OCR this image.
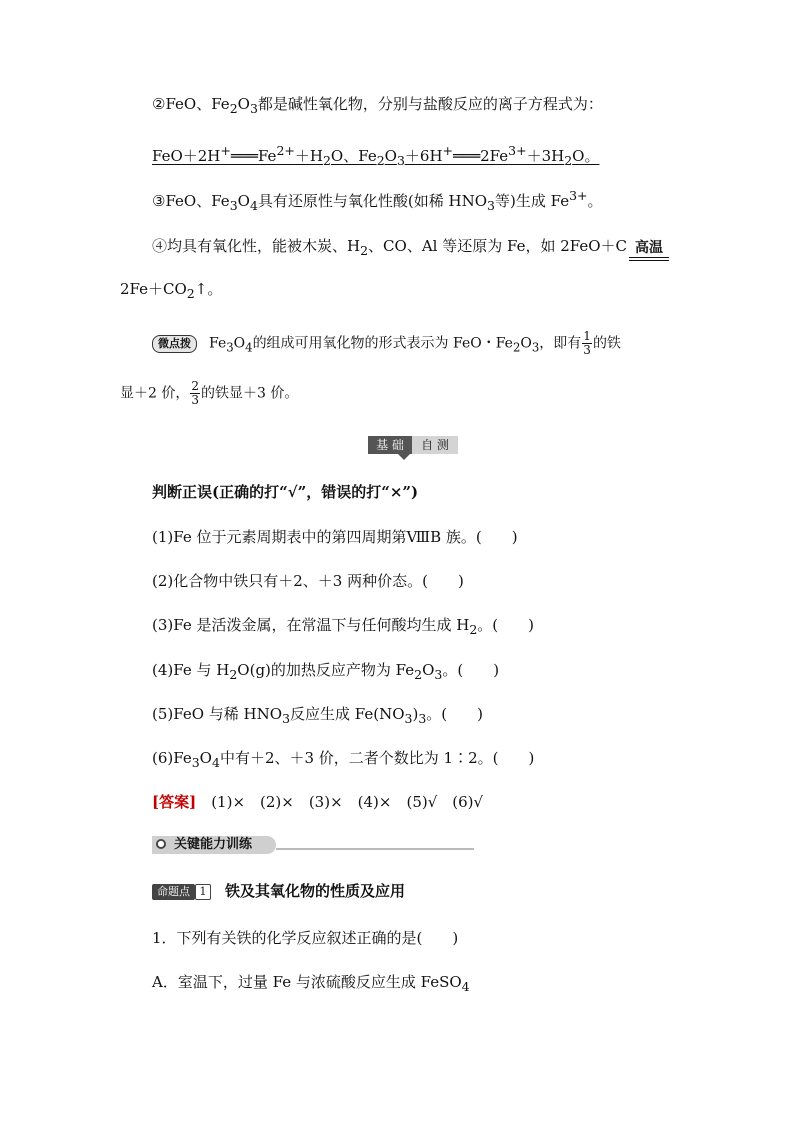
②FeO、$Fe_2O_3$都是碱性氧化物，分别与盐酸反应的离子方程式为：
$FeO+2H^+═══Fe^{2+}+H_2O$、$Fe_2O_3+6H^+═══2Fe^{3+}+3H_2O$。
③FeO、$Fe_3O_4$具有还原性与氧化性酸(如稀 $HNO_3$等)生成 $Fe^{3+}$。
④均具有氧化性，能被木炭、$H_2$、CO、Al 等还原为 Fe，如 2FeO＋C 高温
$2Fe+CO_2↑$。
微点拨 $Fe_3O_4$的组成可用氧化物的形式表示为 FeO・$Fe_2O_3$，即有 $\frac{1}{3}$ 的铁
显＋2 价， $\frac{2}{3}$ 的铁显＋3 价。
基 础	自 测
判断正误(正确的打“√”，错误的打“×”)
(1)Fe 位于元素周期表中的第四周期第ⅧB 族。(　　)
(2)化合物中铁只有＋2、＋3 两种价态。(　　)
(3)Fe 是活泼金属，在常温下与任何酸均生成 $H_2$。(　　)
(4)Fe 与 $H_2O(g)$的加热反应产物为 $Fe_2O_3$。(　　)
(5)FeO 与稀 $HNO_3$反应生成 $Fe(NO_3)_3$。(　　)
$(6)Fe_3O_4$中有＋2、＋3 价，二者个数比为 1∶2。(　　)
[答案]　(1)×　(2)×　(3)×　(4)×　(5)√　(6)√
● 关键能力训练
命题点 1 铁及其氧化物的性质及应用
1．下列有关铁的化学反应叙述正确的是(　　)
A．室温下，过量 Fe 与浓硫酸反应生成 FeSO$_4$
